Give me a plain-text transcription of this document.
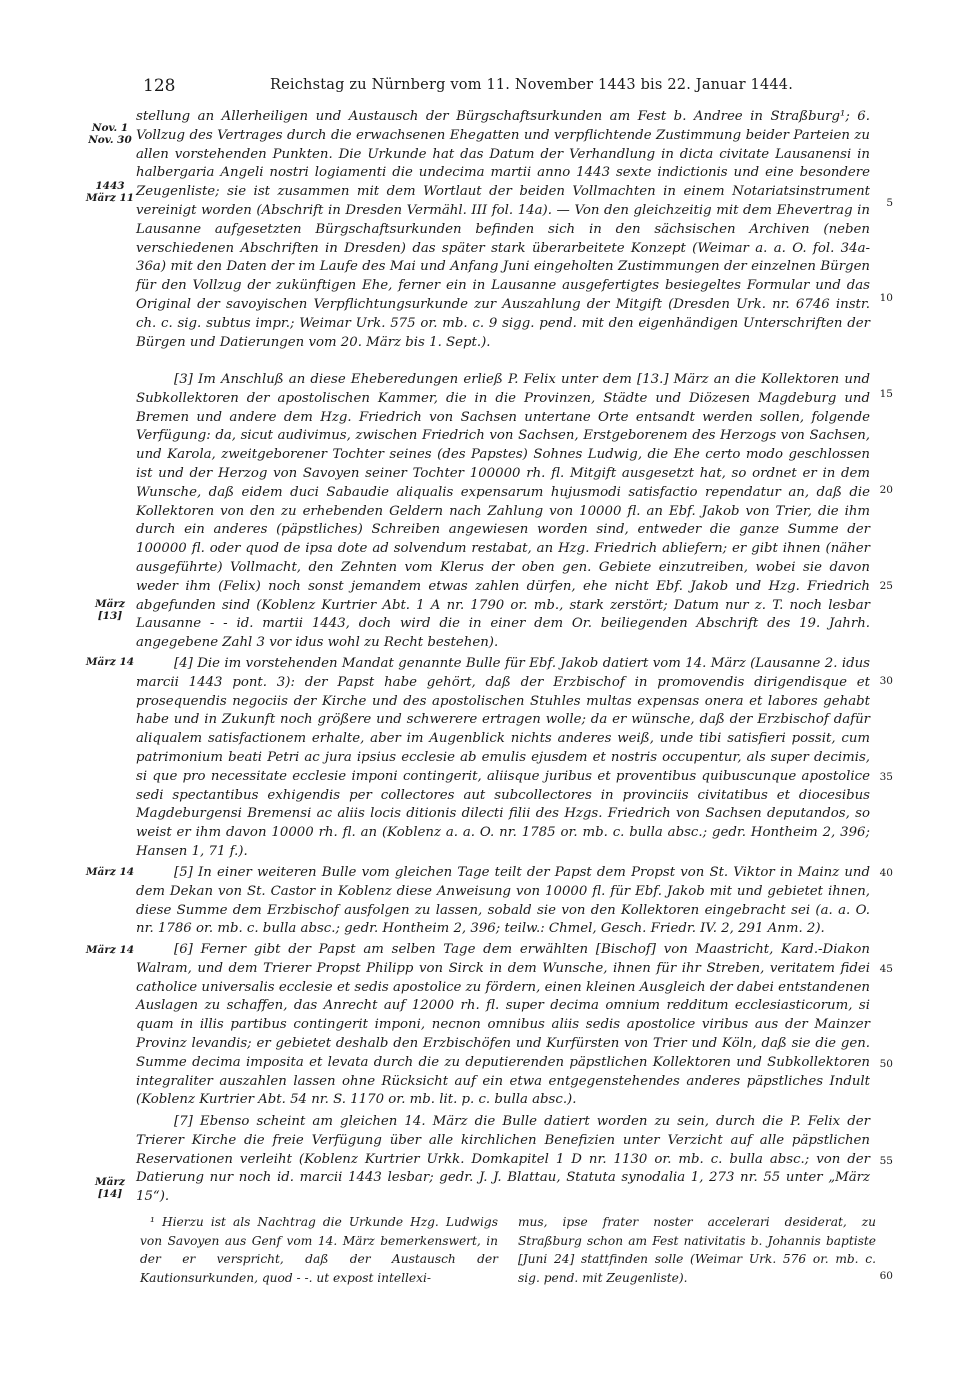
128	Reichstag zu Nürnberg vom 11. November 1443 bis 22. Januar 1444.
Nov. 1
Nov. 30
1443
März 11
März
[13]
März 14
März 14
März 14
März
[14]
5
10
15
20
25
30
35
40
45
50
55
60

stellung an Allerheiligen und Austausch der Bürgschaftsurkunden am Fest b. Andree in Straßburg¹; 6. Vollzug des Vertrages durch die erwachsenen Ehegatten und verpflichtende Zustimmung beider Parteien zu allen vorstehenden Punkten. Die Urkunde hat das Datum der Verhandlung in dicta civitate Lausanensi in halbergaria Angeli nostri logiamenti die undecima martii anno 1443 sexte indictionis und eine besondere Zeugenliste; sie ist zusammen mit dem Wortlaut der beiden Vollmachten in einem Notariatsinstrument vereinigt worden (Abschrift in Dresden Vermähl. III fol. 14a). — Von den gleichzeitig mit dem Ehevertrag in Lausanne aufgesetzten Bürgschaftsurkunden befinden sich in den sächsischen Archiven (neben verschiedenen Abschriften in Dresden) das später stark überarbeitete Konzept (Weimar a. a. O. fol. 34a-36a) mit den Daten der im Laufe des Mai und Anfang Juni eingeholten Zustimmungen der einzelnen Bürgen für den Vollzug der zukünftigen Ehe, ferner ein in Lausanne ausgefertigtes besiegeltes Formular und das Original der savoyischen Verpflichtungsurkunde zur Auszahlung der Mitgift (Dresden Urk. nr. 6746 instr. ch. c. sig. subtus impr.; Weimar Urk. 575 or. mb. c. 9 sigg. pend. mit den eigenhändigen Unterschriften der Bürgen und Datierungen vom 20. März bis 1. Sept.).

[3] Im Anschluß an diese Eheberedungen erließ P. Felix unter dem [13.] März an die Kollektoren und Subkollektoren der apostolischen Kammer, die in die Provinzen, Städte und Diözesen Magdeburg und Bremen und andere dem Hzg. Friedrich von Sachsen untertane Orte entsandt werden sollen, folgende Verfügung: da, sicut audivimus, zwischen Friedrich von Sachsen, Erstgeborenem des Herzogs von Sachsen, und Karola, zweitgeborener Tochter seines (des Papstes) Sohnes Ludwig, die Ehe certo modo geschlossen ist und der Herzog von Savoyen seiner Tochter 100000 rh. fl. Mitgift ausgesetzt hat, so ordnet er in dem Wunsche, daß eidem duci Sabaudie aliqualis expensarum hujusmodi satisfactio rependatur an, daß die Kollektoren von den zu erhebenden Geldern nach Zahlung von 10000 fl. an Ebf. Jakob von Trier, die ihm durch ein anderes (päpstliches) Schreiben angewiesen worden sind, entweder die ganze Summe der 100000 fl. oder quod de ipsa dote ad solvendum restabat, an Hzg. Friedrich abliefern; er gibt ihnen (näher ausgeführte) Vollmacht, den Zehnten vom Klerus der oben gen. Gebiete einzutreiben, wobei sie davon weder ihm (Felix) noch sonst jemandem etwas zahlen dürfen, ehe nicht Ebf. Jakob und Hzg. Friedrich abgefunden sind (Koblenz Kurtrier Abt. 1 A nr. 1790 or. mb., stark zerstört; Datum nur z. T. noch lesbar Lausanne - - id. martii 1443, doch wird die in einer dem Or. beiliegenden Abschrift des 19. Jahrh. angegebene Zahl 3 vor idus wohl zu Recht bestehen).

[4] Die im vorstehenden Mandat genannte Bulle für Ebf. Jakob datiert vom 14. März (Lausanne 2. idus marcii 1443 pont. 3): der Papst habe gehört, daß der Erzbischof in promovendis dirigendisque et prosequendis negociis der Kirche und des apostolischen Stuhles multas expensas onera et labores gehabt habe und in Zukunft noch größere und schwerere ertragen wolle; da er wünsche, daß der Erzbischof dafür aliqualem satisfactionem erhalte, aber im Augenblick nichts anderes weiß, unde tibi satisfieri possit, cum patrimonium beati Petri ac jura ipsius ecclesie ab emulis ejusdem et nostris occupentur, als super decimis, si que pro necessitate ecclesie imponi contingerit, aliisque juribus et proventibus quibuscunque apostolice sedi spectantibus exhigendis per collectores aut subcollectores in provinciis civitatibus et diocesibus Magdeburgensi Bremensi ac aliis locis ditionis dilecti filii des Hzgs. Friedrich von Sachsen deputandos, so weist er ihm davon 10000 rh. fl. an (Koblenz a. a. O. nr. 1785 or. mb. c. bulla absc.; gedr. Hontheim 2, 396; Hansen 1, 71 f.).

[5] In einer weiteren Bulle vom gleichen Tage teilt der Papst dem Propst von St. Viktor in Mainz und dem Dekan von St. Castor in Koblenz diese Anweisung von 10000 fl. für Ebf. Jakob mit und gebietet ihnen, diese Summe dem Erzbischof ausfolgen zu lassen, sobald sie von den Kollektoren eingebracht sei (a. a. O. nr. 1786 or. mb. c. bulla absc.; gedr. Hontheim 2, 396; teilw.: Chmel, Gesch. Friedr. IV. 2, 291 Anm. 2).

[6] Ferner gibt der Papst am selben Tage dem erwählten [Bischof] von Maastricht, Kard.-Diakon Walram, und dem Trierer Propst Philipp von Sirck in dem Wunsche, ihnen für ihr Streben, veritatem fidei catholice universalis ecclesie et sedis apostolice zu fördern, einen kleinen Ausgleich der dabei entstandenen Auslagen zu schaffen, das Anrecht auf 12000 rh. fl. super decima omnium redditum ecclesiasticorum, si quam in illis partibus contingerit imponi, necnon omnibus aliis sedis apostolice viribus aus der Mainzer Provinz levandis; er gebietet deshalb den Erzbischöfen und Kurfürsten von Trier und Köln, daß sie die gen. Summe decima imposita et levata durch die zu deputierenden päpstlichen Kollektoren und Subkollektoren integraliter auszahlen lassen ohne Rücksicht auf ein etwa entgegenstehendes anderes päpstliches Indult (Koblenz Kurtrier Abt. 54 nr. S. 1170 or. mb. lit. p. c. bulla absc.).

[7] Ebenso scheint am gleichen 14. März die Bulle datiert worden zu sein, durch die P. Felix der Trierer Kirche die freie Verfügung über alle kirchlichen Benefizien unter Verzicht auf alle päpstlichen Reservationen verleiht (Koblenz Kurtrier Urkk. Domkapitel 1 D nr. 1130 or. mb. c. bulla absc.; von der Datierung nur noch id. marcii 1443 lesbar; gedr. J. J. Blattau, Statuta synodalia 1, 273 nr. 55 unter „März 15“).

¹ Hierzu ist als Nachtrag die Urkunde Hzg. Ludwigs von Savoyen aus Genf vom 14. März bemerkenswert, in der er verspricht, daß der Austausch der Kautionsurkunden, quod - -. ut expost intellexi-

mus, ipse frater noster accelerari desiderat, zu Straßburg schon am Fest nativitatis b. Johannis baptiste [Juni 24] stattfinden solle (Weimar Urk. 576 or. mb. c. sig. pend. mit Zeugenliste).
